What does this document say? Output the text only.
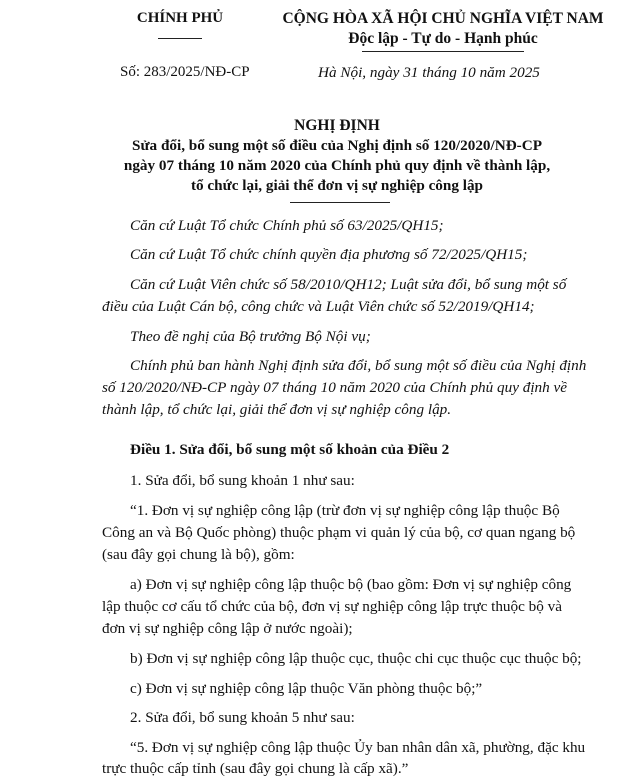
CHÍNH PHỦ
Số: 283/2025/NĐ-CP
CỘNG HÒA XÃ HỘI CHỦ NGHĨA VIỆT NAM
Độc lập - Tự do - Hạnh phúc
Hà Nội, ngày 31 tháng 10 năm 2025
NGHỊ ĐỊNH
Sửa đổi, bổ sung một số điều của Nghị định số 120/2020/NĐ-CP
ngày 07 tháng 10 năm 2020 của Chính phủ quy định về thành lập,
tổ chức lại, giải thể đơn vị sự nghiệp công lập
Căn cứ Luật Tổ chức Chính phủ số 63/2025/QH15;
Căn cứ Luật Tổ chức chính quyền địa phương số 72/2025/QH15;
Căn cứ Luật Viên chức số 58/2010/QH12; Luật sửa đổi, bổ sung một số
điều của Luật Cán bộ, công chức và Luật Viên chức số 52/2019/QH14;
Theo đề nghị của Bộ trưởng Bộ Nội vụ;
Chính phủ ban hành Nghị định sửa đổi, bổ sung một số điều của Nghị định
số 120/2020/NĐ-CP ngày 07 tháng 10 năm 2020 của Chính phủ quy định về
thành lập, tổ chức lại, giải thể đơn vị sự nghiệp công lập.
Điều 1. Sửa đổi, bổ sung một số khoản của Điều 2
1. Sửa đổi, bổ sung khoản 1 như sau:
“1. Đơn vị sự nghiệp công lập (trừ đơn vị sự nghiệp công lập thuộc Bộ
Công an và Bộ Quốc phòng) thuộc phạm vi quản lý của bộ, cơ quan ngang bộ
(sau đây gọi chung là bộ), gồm:
a) Đơn vị sự nghiệp công lập thuộc bộ (bao gồm: Đơn vị sự nghiệp công
lập thuộc cơ cấu tổ chức của bộ, đơn vị sự nghiệp công lập trực thuộc bộ và
đơn vị sự nghiệp công lập ở nước ngoài);
b) Đơn vị sự nghiệp công lập thuộc cục, thuộc chi cục thuộc cục thuộc bộ;
c) Đơn vị sự nghiệp công lập thuộc Văn phòng thuộc bộ;”
2. Sửa đổi, bổ sung khoản 5 như sau:
“5. Đơn vị sự nghiệp công lập thuộc Ủy ban nhân dân xã, phường, đặc khu
trực thuộc cấp tỉnh (sau đây gọi chung là cấp xã).”
